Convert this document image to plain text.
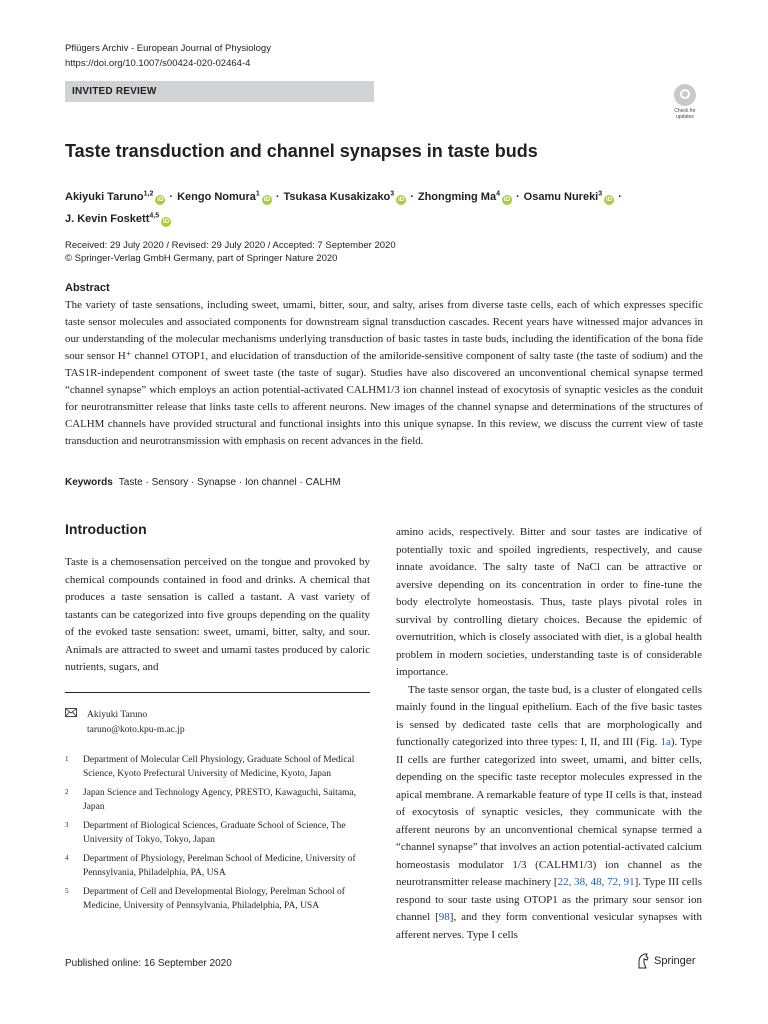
Pflügers Archiv - European Journal of Physiology
https://doi.org/10.1007/s00424-020-02464-4
INVITED REVIEW
Check for updates
Taste transduction and channel synapses in taste buds
Akiyuki Taruno$^{1,2}$iD · Kengo Nomura$^1$iD · Tsukasa Kusakizako$^3$iD · Zhongming $Ma^4iD$ · Osamu Nureki$^3$iD ·
J. Kevin Foskett$^{4,5}$iD
Received: 29 July 2020 / Revised: 29 July 2020 / Accepted: 7 September 2020
© Springer-Verlag GmbH Germany, part of Springer Nature 2020
Abstract
The variety of taste sensations, including sweet, umami, bitter, sour, and salty, arises from diverse taste cells, each of which expresses specific taste sensor molecules and associated components for downstream signal transduction cascades. Recent years have witnessed major advances in our understanding of the molecular mechanisms underlying transduction of basic tastes in taste buds, including the identification of the bona fide sour sensor H⁺ channel OTOP1, and elucidation of transduction of the amiloride-sensitive component of salty taste (the taste of sodium) and the TAS1R-independent component of sweet taste (the taste of sugar). Studies have also discovered an unconventional chemical synapse termed “channel synapse” which employs an action potential-activated CALHM1/3 ion channel instead of exocytosis of synaptic vesicles as the conduit for neurotransmitter release that links taste cells to afferent neurons. New images of the channel synapse and determinations of the structures of CALHM channels have provided structural and functional insights into this unique synapse. In this review, we discuss the current view of taste transduction and neurotransmission with emphasis on recent advances in the field.
Keywords Taste · Sensory · Synapse · Ion channel · CALHM
Introduction

Taste is a chemosensation perceived on the tongue and provoked by chemical compounds contained in food and drinks. A chemical that produces a taste sensation is called a tastant. A vast variety of tastants can be categorized into five groups depending on the quality of the evoked taste sensation: sweet, umami, bitter, salty, and sour. Animals are attracted to sweet and umami tastes produced by caloric nutrients, sugars, and

amino acids, respectively. Bitter and sour tastes are indicative of potentially toxic and spoiled ingredients, respectively, and cause innate avoidance. The salty taste of NaCl can be attractive or aversive depending on its concentration in order to fine-tune the body electrolyte homeostasis. Thus, taste plays pivotal roles in survival by controlling dietary choices. Because the epidemic of overnutrition, which is closely associated with diet, is a global health problem in modern societies, understanding taste is of considerable importance.

The taste sensor organ, the taste bud, is a cluster of elongated cells mainly found in the lingual epithelium. Each of the five basic tastes is sensed by dedicated taste cells that are morphologically and functionally categorized into three types: I, II, and III (Fig. 1a). Type II cells are further categorized into sweet, umami, and bitter cells, depending on the specific taste receptor molecules expressed in the apical membrane. A remarkable feature of type II cells is that, instead of exocytosis of synaptic vesicles, they communicate with the afferent neurons by an unconventional chemical synapse termed a “channel synapse” that involves an action potential-activated calcium homeostasis modulator 1/3 (CALHM1/3) ion channel as the neurotransmitter release machinery [22, 38, 48, 72, 91]. Type III cells respond to sour taste using OTOP1 as the primary sour sensor ion channel [98], and they form conventional vesicular synapses with afferent nerves. Type I cells

Akiyuki Taruno
taruno@koto.kpu-m.ac.jp
1	Department of Molecular Cell Physiology, Graduate School of Medical Science, Kyoto Prefectural University of Medicine, Kyoto, Japan
2	Japan Science and Technology Agency, PRESTO, Kawaguchi, Saitama, Japan
3	Department of Biological Sciences, Graduate School of Science, The University of Tokyo, Tokyo, Japan
4	Department of Physiology, Perelman School of Medicine, University of Pennsylvania, Philadelphia, PA, USA
5	Department of Cell and Developmental Biology, Perelman School of Medicine, University of Pennsylvania, Philadelphia, PA, USA
Published online: 16 September 2020	Springer
